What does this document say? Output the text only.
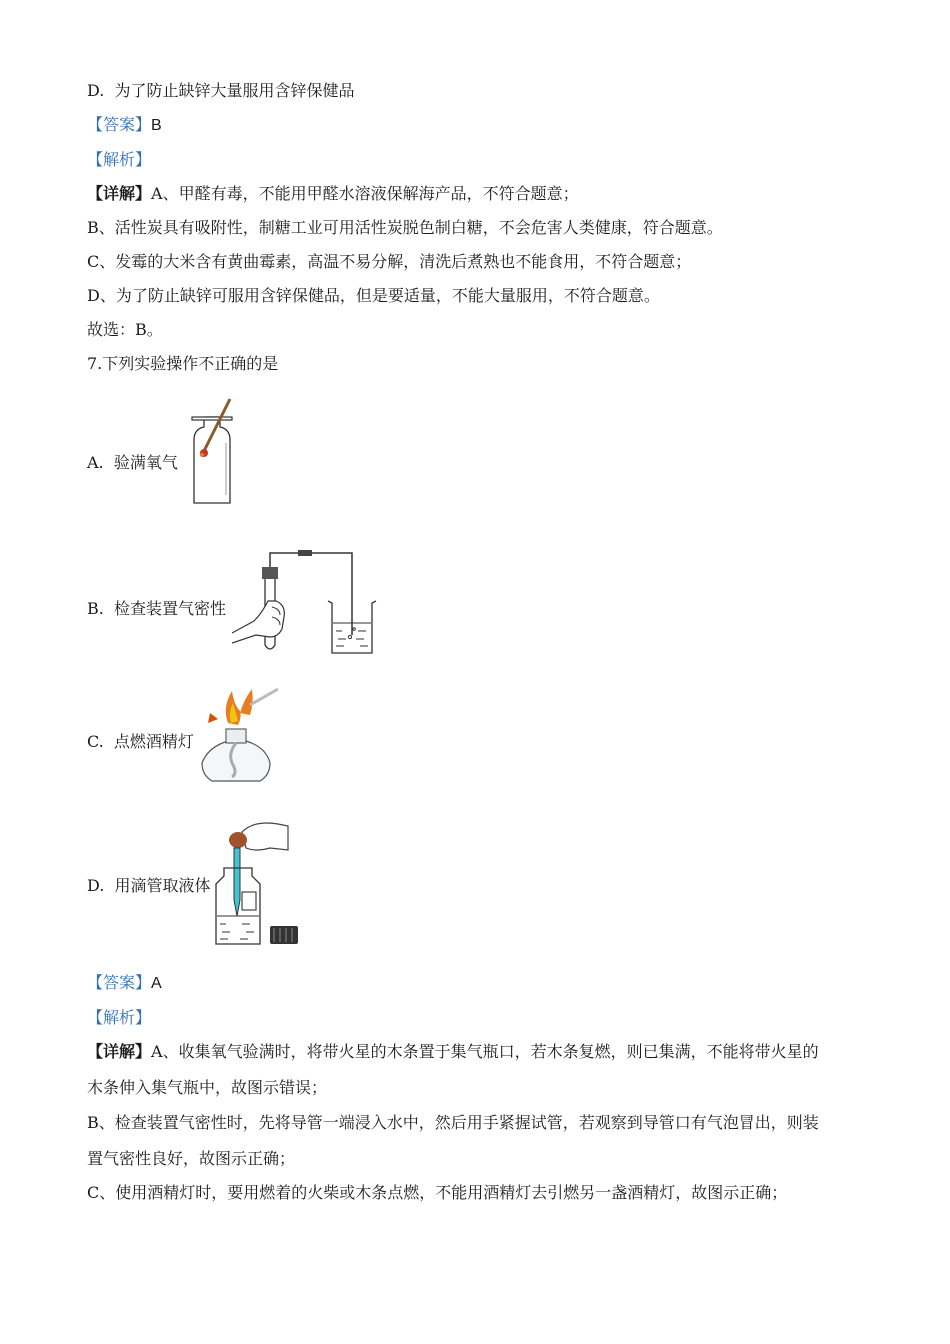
D.  为了防止缺锌大量服用含锌保健品
【答案】B
【解析】
【详解】A、甲醛有毒，不能用甲醛水溶液保解海产品，不符合题意；
B、活性炭具有吸附性，制糖工业可用活性炭脱色制白糖，不会危害人类健康，符合题意。
C、发霉的大米含有黄曲霉素，高温不易分解，清洗后煮熟也不能食用，不符合题意；
D、为了防止缺锌可服用含锌保健品，但是要适量，不能大量服用，不符合题意。
故选：B。
7.下列实验操作不正确的是
A.  验满氧气
B.  检查装置气密性
C.  点燃酒精灯
D.  用滴管取液体
【答案】A
【解析】
【详解】A、收集氧气验满时，将带火星的木条置于集气瓶口，若木条复燃，则已集满，不能将带火星的
木条伸入集气瓶中，故图示错误；
B、检查装置气密性时，先将导管一端浸入水中，然后用手紧握试管，若观察到导管口有气泡冒出，则装
置气密性良好，故图示正确；
C、使用酒精灯时，要用燃着的火柴或木条点燃，不能用酒精灯去引燃另一盏酒精灯，故图示正确；
